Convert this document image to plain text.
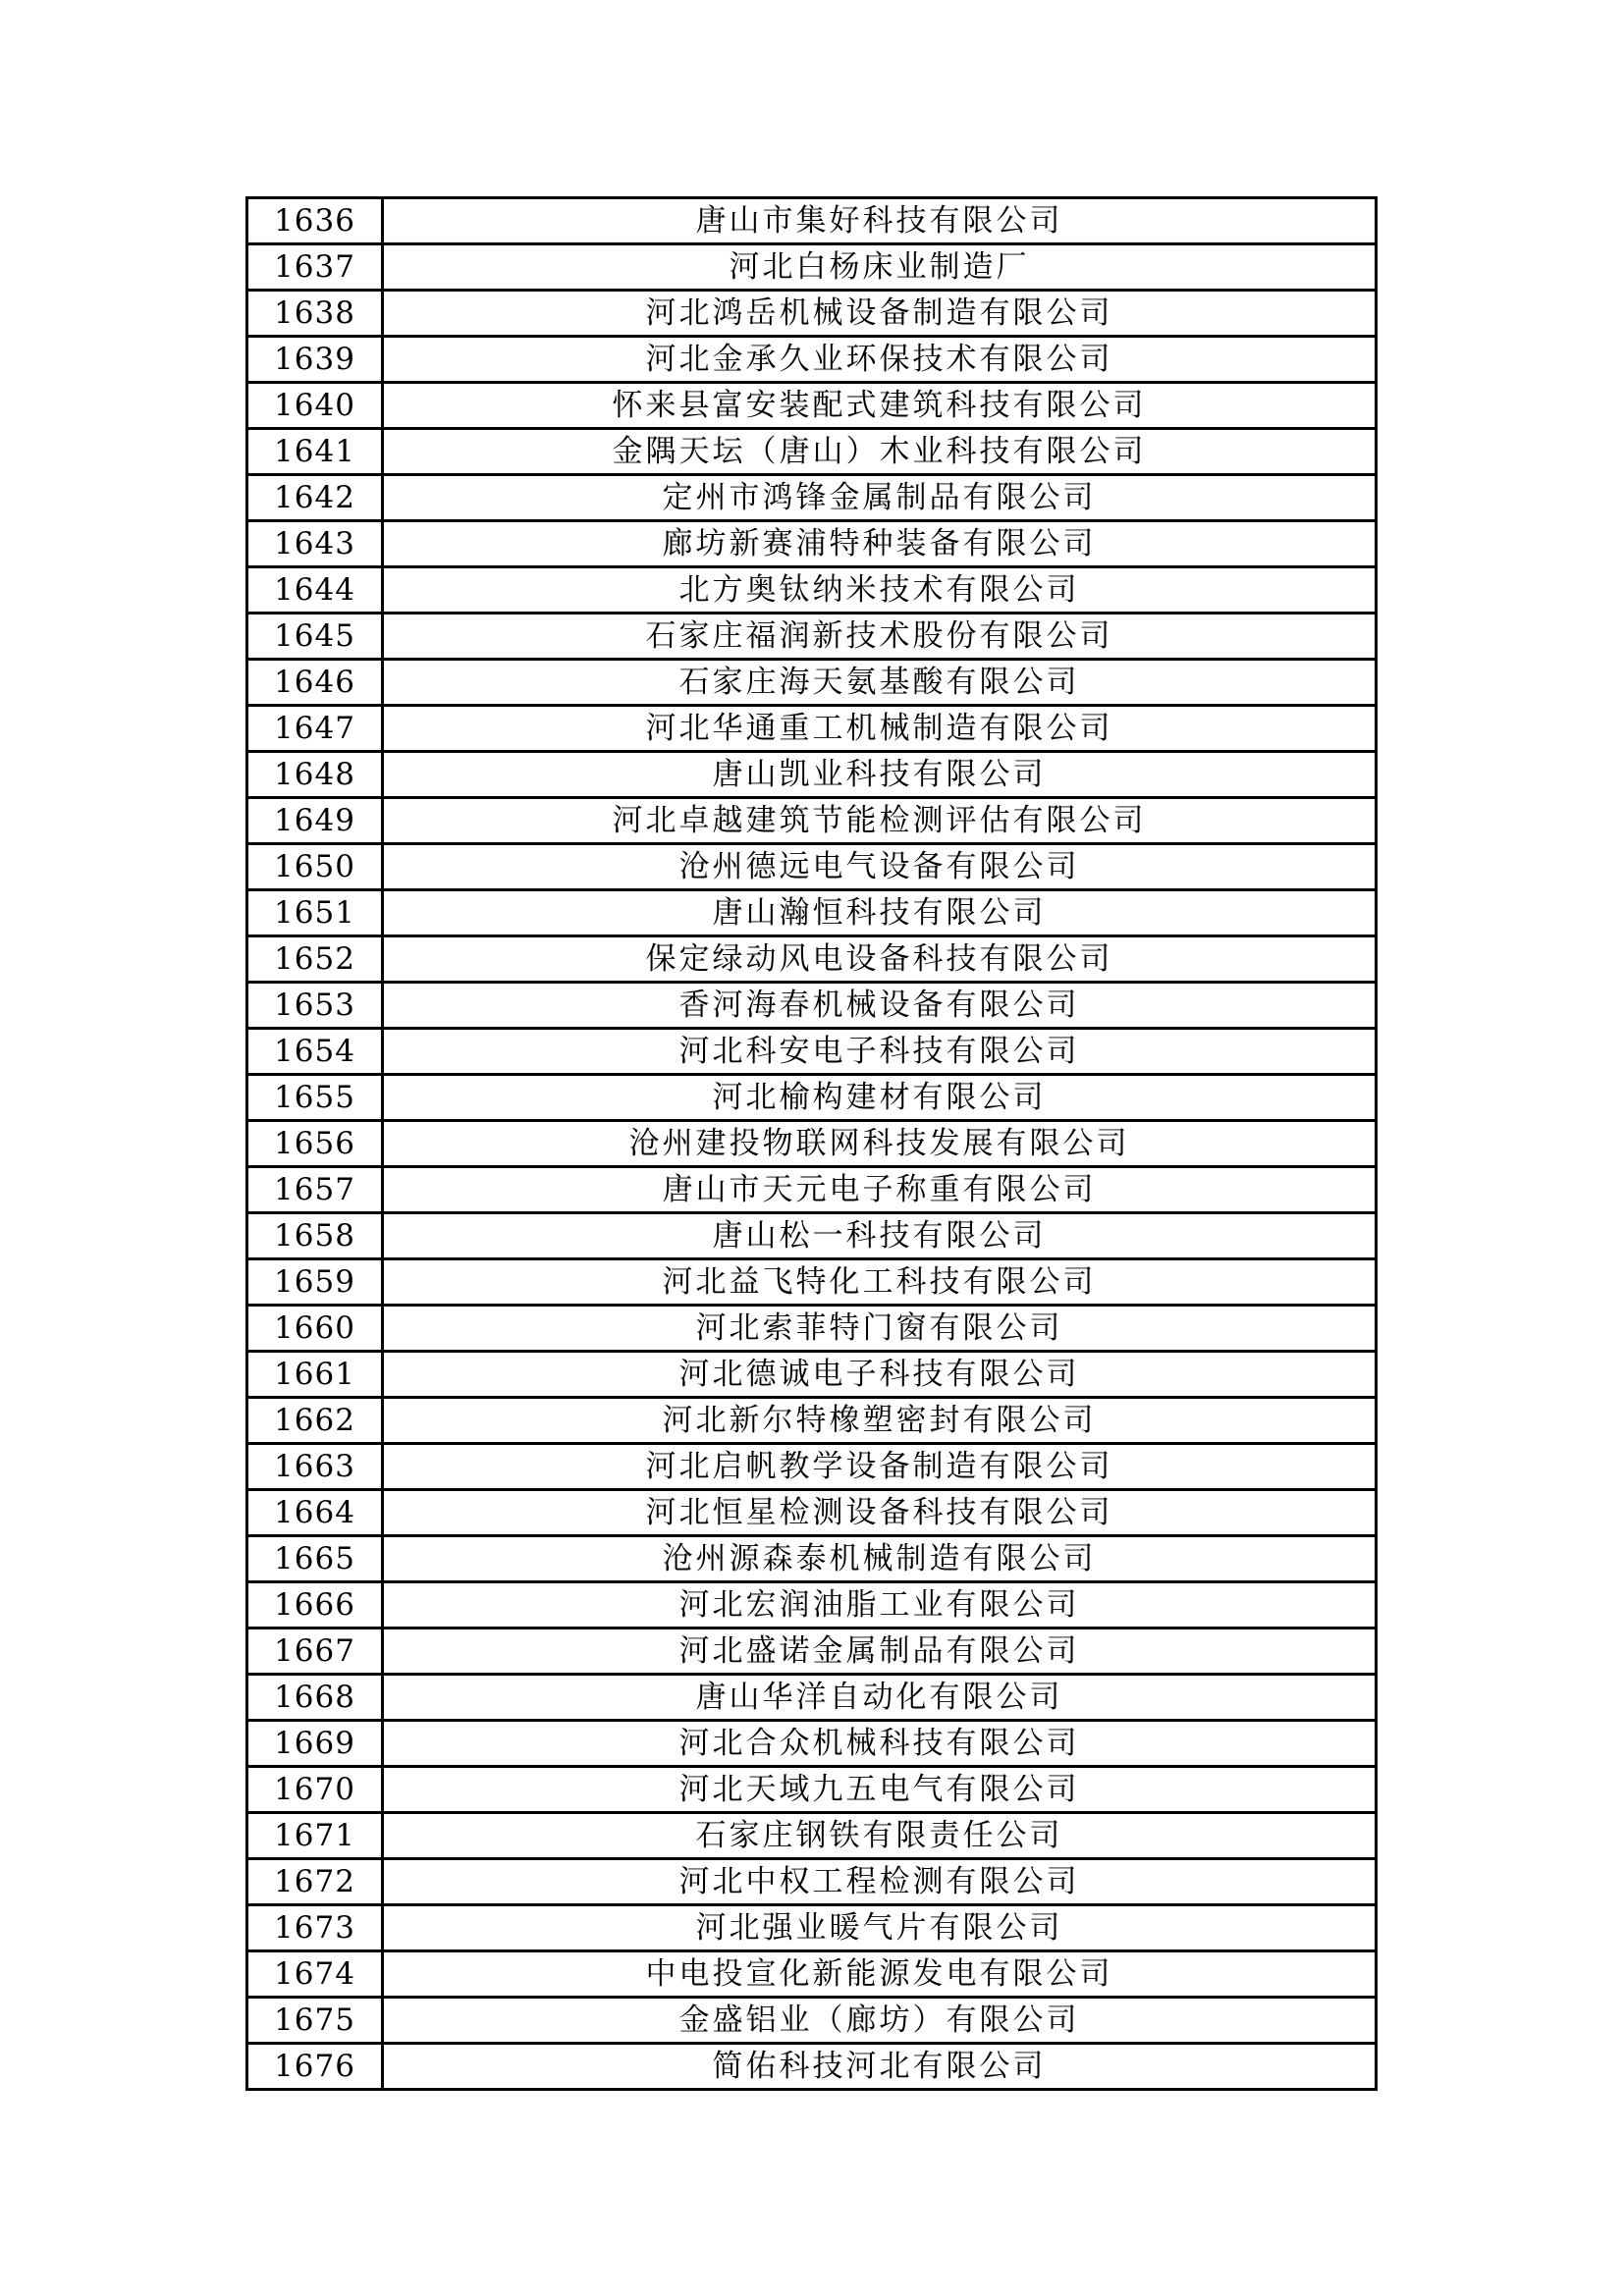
1636	唐山市集好科技有限公司
1637	河北白杨床业制造厂
1638	河北鸿岳机械设备制造有限公司
1639	河北金承久业环保技术有限公司
1640	怀来县富安装配式建筑科技有限公司
1641	金隅天坛（唐山）木业科技有限公司
1642	定州市鸿锋金属制品有限公司
1643	廊坊新赛浦特种装备有限公司
1644	北方奥钛纳米技术有限公司
1645	石家庄福润新技术股份有限公司
1646	石家庄海天氨基酸有限公司
1647	河北华通重工机械制造有限公司
1648	唐山凯业科技有限公司
1649	河北卓越建筑节能检测评估有限公司
1650	沧州德远电气设备有限公司
1651	唐山瀚恒科技有限公司
1652	保定绿动风电设备科技有限公司
1653	香河海春机械设备有限公司
1654	河北科安电子科技有限公司
1655	河北榆构建材有限公司
1656	沧州建投物联网科技发展有限公司
1657	唐山市天元电子称重有限公司
1658	唐山松一科技有限公司
1659	河北益飞特化工科技有限公司
1660	河北索菲特门窗有限公司
1661	河北德诚电子科技有限公司
1662	河北新尔特橡塑密封有限公司
1663	河北启帆教学设备制造有限公司
1664	河北恒星检测设备科技有限公司
1665	沧州源森泰机械制造有限公司
1666	河北宏润油脂工业有限公司
1667	河北盛诺金属制品有限公司
1668	唐山华洋自动化有限公司
1669	河北合众机械科技有限公司
1670	河北天域九五电气有限公司
1671	石家庄钢铁有限责任公司
1672	河北中权工程检测有限公司
1673	河北强业暖气片有限公司
1674	中电投宣化新能源发电有限公司
1675	金盛铝业（廊坊）有限公司
1676	简佑科技河北有限公司
